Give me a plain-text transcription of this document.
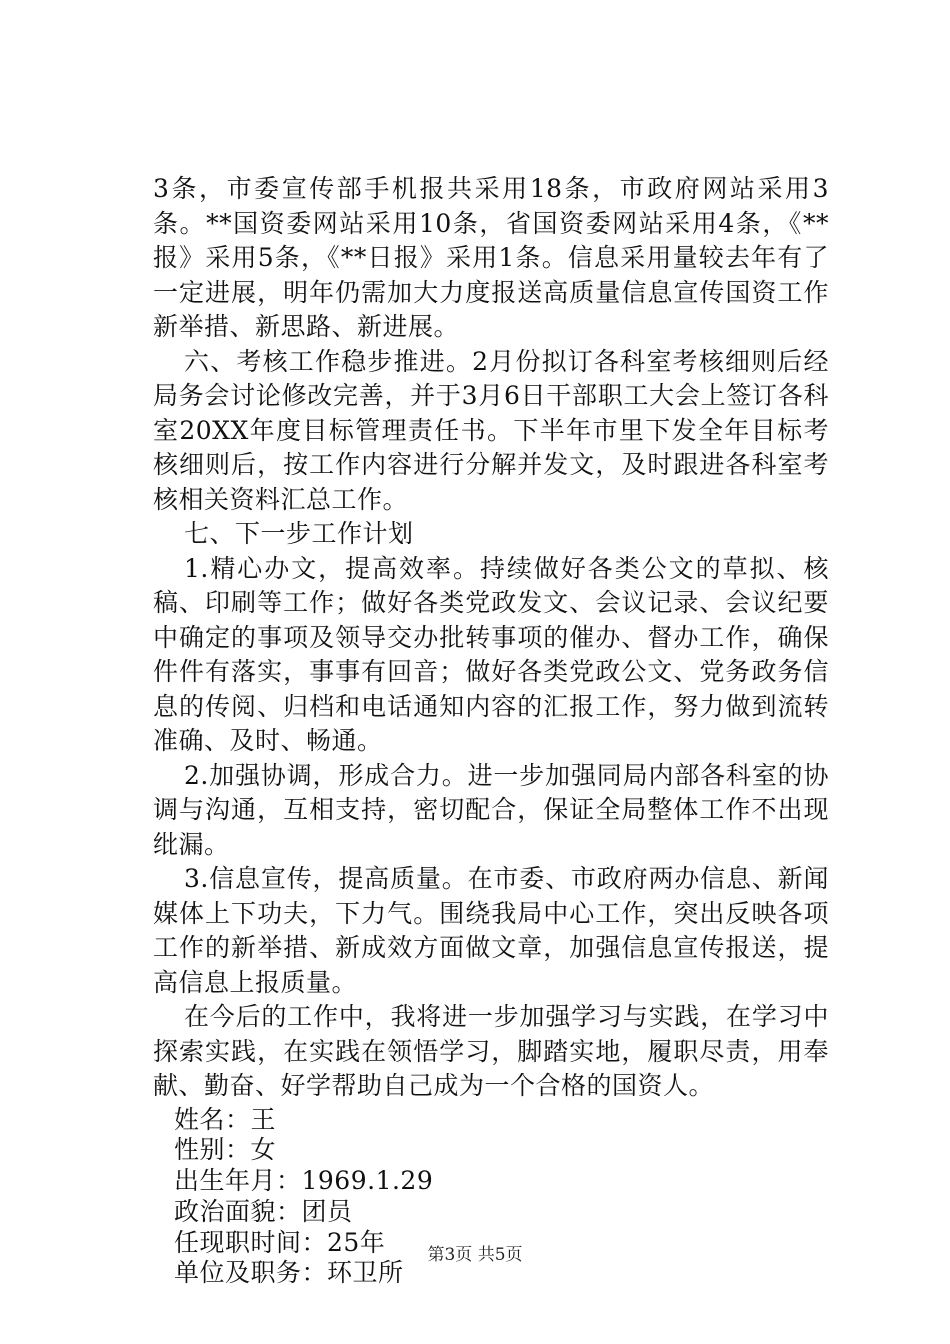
3条，市委宣传部手机报共采用18条，市政府网站采用3条。**国资委网站采用10条，省国资委网站采用4条，《**报》采用5条，《**日报》采用1条。信息采用量较去年有了一定进展，明年仍需加大力度报送高质量信息宣传国资工作新举措、新思路、新进展。

六、考核工作稳步推进。2月份拟订各科室考核细则后经局务会讨论修改完善，并于3月6日干部职工大会上签订各科室20XX年度目标管理责任书。下半年市里下发全年目标考核细则后，按工作内容进行分解并发文，及时跟进各科室考核相关资料汇总工作。

七、下一步工作计划

1.精心办文，提高效率。持续做好各类公文的草拟、核稿、印刷等工作；做好各类党政发文、会议记录、会议纪要中确定的事项及领导交办批转事项的催办、督办工作，确保件件有落实，事事有回音；做好各类党政公文、党务政务信息的传阅、归档和电话通知内容的汇报工作，努力做到流转准确、及时、畅通。

2.加强协调，形成合力。进一步加强同局内部各科室的协调与沟通，互相支持，密切配合，保证全局整体工作不出现纰漏。

3.信息宣传，提高质量。在市委、市政府两办信息、新闻媒体上下功夫，下力气。围绕我局中心工作，突出反映各项工作的新举措、新成效方面做文章，加强信息宣传报送，提高信息上报质量。

在今后的工作中，我将进一步加强学习与实践，在学习中探索实践，在实践在领悟学习，脚踏实地，履职尽责，用奉献、勤奋、好学帮助自己成为一个合格的国资人。

姓名：王

性别：女

出生年月：1969.1.29

政治面貌：团员

任现职时间：25年

单位及职务：环卫所

第3页 共5页
